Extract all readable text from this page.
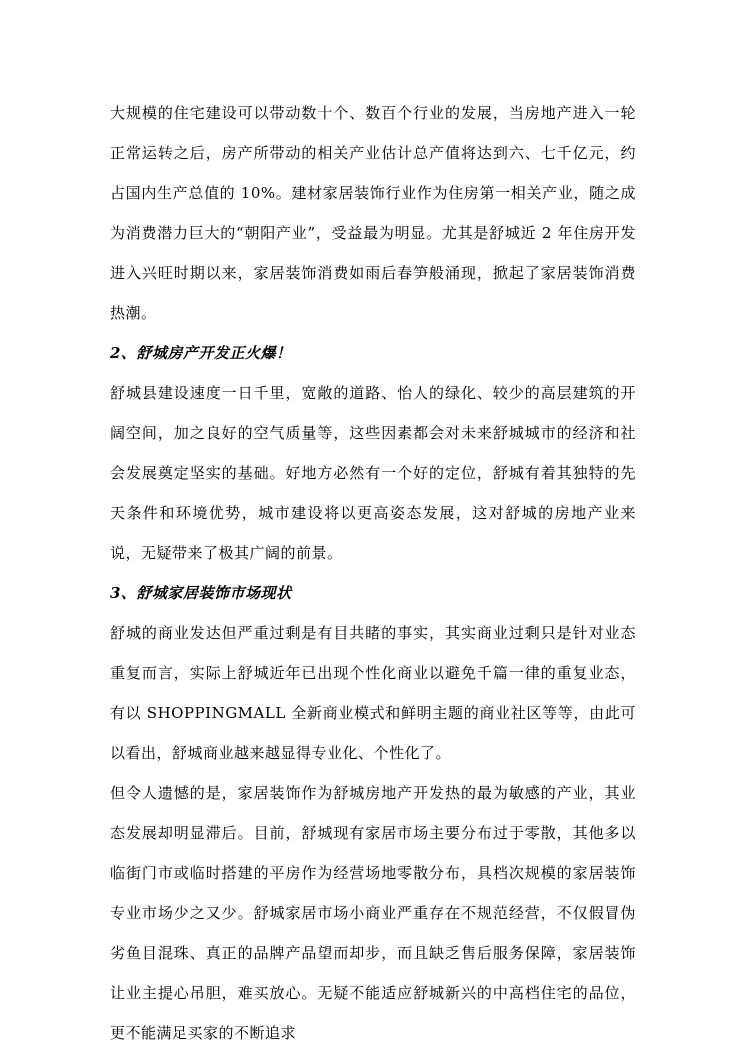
大规模的住宅建设可以带动数十个、数百个行业的发展，当房地产进入一轮正常运转之后，房产所带动的相关产业估计总产值将达到六、七千亿元，约占国内生产总值的 10%。建材家居装饰行业作为住房第一相关产业，随之成为消费潜力巨大的“朝阳产业”，受益最为明显。尤其是舒城近 2 年住房开发进入兴旺时期以来，家居装饰消费如雨后春笋般涌现，掀起了家居装饰消费热潮。

2、舒城房产开发正火爆！

舒城县建设速度一日千里，宽敞的道路、怡人的绿化、较少的高层建筑的开阔空间，加之良好的空气质量等，这些因素都会对未来舒城城市的经济和社会发展奠定坚实的基础。好地方必然有一个好的定位，舒城有着其独特的先天条件和环境优势，城市建设将以更高姿态发展，这对舒城的房地产业来说，无疑带来了极其广阔的前景。

3、舒城家居装饰市场现状

舒城的商业发达但严重过剩是有目共睹的事实，其实商业过剩只是针对业态重复而言，实际上舒城近年已出现个性化商业以避免千篇一律的重复业态，有以 SHOPPINGMALL 全新商业模式和鲜明主题的商业社区等等，由此可以看出，舒城商业越来越显得专业化、个性化了。

但令人遗憾的是，家居装饰作为舒城房地产开发热的最为敏感的产业，其业态发展却明显滞后。目前，舒城现有家居市场主要分布过于零散，其他多以临街门市或临时搭建的平房作为经营场地零散分布，具档次规模的家居装饰专业市场少之又少。舒城家居市场小商业严重存在不规范经营，不仅假冒伪劣鱼目混珠、真正的品牌产品望而却步，而且缺乏售后服务保障，家居装饰让业主提心吊胆，难买放心。无疑不能适应舒城新兴的中高档住宅的品位，更不能满足买家的不断追求
